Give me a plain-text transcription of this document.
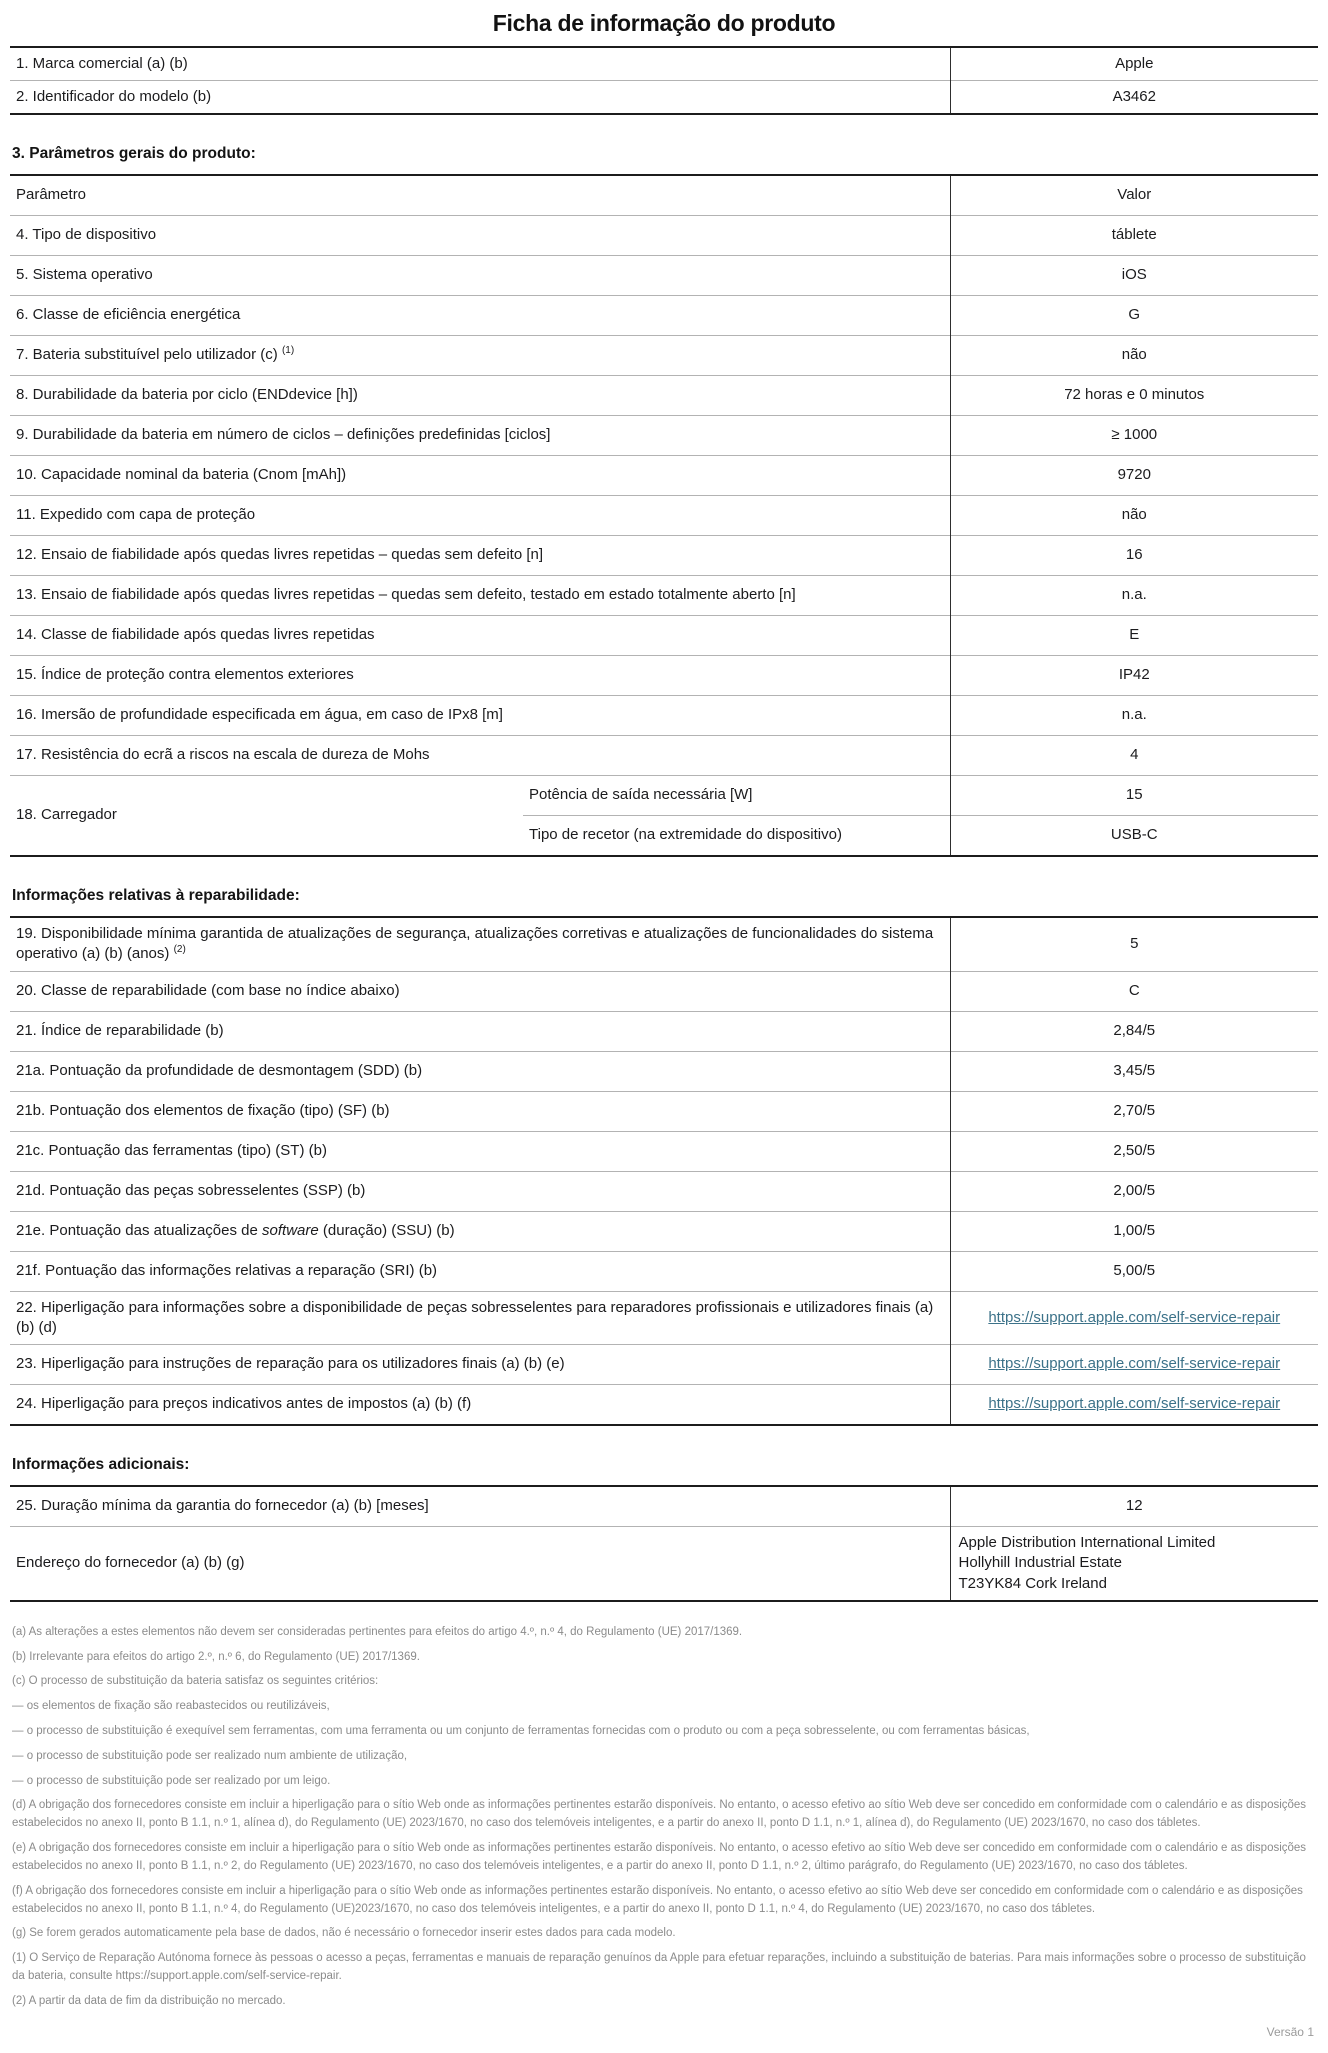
Ficha de informação do produto
1. Marca comercial (a) (b)	Apple
2. Identificador do modelo (b)	A3462
3. Parâmetros gerais do produto:
Parâmetro		Valor
4. Tipo de dispositivo		táblete
5. Sistema operativo		iOS
6. Classe de eficiência energética		G
7. Bateria substituível pelo utilizador (c) $^{(1)}$		não
8. Durabilidade da bateria por ciclo (ENDdevice [h])		72 horas e 0 minutos
9. Durabilidade da bateria em número de ciclos – definições predefinidas [ciclos]		≥ 1000
10. Capacidade nominal da bateria (Cnom [mAh])		9720
11. Expedido com capa de proteção		não
12. Ensaio de fiabilidade após quedas livres repetidas – quedas sem defeito [n]		16
13. Ensaio de fiabilidade após quedas livres repetidas – quedas sem defeito, testado em estado totalmente aberto [n]		n.a.
14. Classe de fiabilidade após quedas livres repetidas		E
15. Índice de proteção contra elementos exteriores		IP42
16. Imersão de profundidade especificada em água, em caso de IPx8 [m]		n.a.
17. Resistência do ecrã a riscos na escala de dureza de Mohs		4
18. Carregador	Potência de saída necessária [W]	15
	Tipo de recetor (na extremidade do dispositivo)	USB-C
Informações relativas à reparabilidade:
19. Disponibilidade mínima garantida de atualizações de segurança, atualizações corretivas e atualizações de funcionalidades do sistema operativo (a) (b) (anos) $^{(2)}$	5
20. Classe de reparabilidade (com base no índice abaixo)	C
21. Índice de reparabilidade (b)	2,84/5
21a. Pontuação da profundidade de desmontagem (SDD) (b)	3,45/5
21b. Pontuação dos elementos de fixação (tipo) (SF) (b)	2,70/5
21c. Pontuação das ferramentas (tipo) (ST) (b)	2,50/5
21d. Pontuação das peças sobresselentes (SSP) (b)	2,00/5
21e. Pontuação das atualizações de software (duração) (SSU) (b)	1,00/5
21f. Pontuação das informações relativas a reparação (SRI) (b)	5,00/5
22. Hiperligação para informações sobre a disponibilidade de peças sobresselentes para reparadores profissionais e utilizadores finais (a) (b) (d)	https://support.apple.com/self-service-repair
23. Hiperligação para instruções de reparação para os utilizadores finais (a) (b) (e)	https://support.apple.com/self-service-repair
24. Hiperligação para preços indicativos antes de impostos (a) (b) (f)	https://support.apple.com/self-service-repair
Informações adicionais:
25. Duração mínima da garantia do fornecedor (a) (b) [meses]	12
Endereço do fornecedor (a) (b) (g)	Apple Distribution International Limited
Hollyhill Industrial Estate
T23YK84 Cork Ireland

(a) As alterações a estes elementos não devem ser consideradas pertinentes para efeitos do artigo 4.º, n.º 4, do Regulamento (UE) 2017/1369.

(b) Irrelevante para efeitos do artigo 2.º, n.º 6, do Regulamento (UE) 2017/1369.

(c) O processo de substituição da bateria satisfaz os seguintes critérios:

— os elementos de fixação são reabastecidos ou reutilizáveis,

— o processo de substituição é exequível sem ferramentas, com uma ferramenta ou um conjunto de ferramentas fornecidas com o produto ou com a peça sobresselente, ou com ferramentas básicas,

— o processo de substituição pode ser realizado num ambiente de utilização,

— o processo de substituição pode ser realizado por um leigo.

(d) A obrigação dos fornecedores consiste em incluir a hiperligação para o sítio Web onde as informações pertinentes estarão disponíveis. No entanto, o acesso efetivo ao sítio Web deve ser concedido em conformidade com o calendário e as disposições estabelecidos no anexo II, ponto B 1.1, n.º 1, alínea d), do Regulamento (UE) 2023/1670, no caso dos telemóveis inteligentes, e a partir do anexo II, ponto D 1.1, n.º 1, alínea d), do Regulamento (UE) 2023/1670, no caso dos tábletes.

(e) A obrigação dos fornecedores consiste em incluir a hiperligação para o sítio Web onde as informações pertinentes estarão disponíveis. No entanto, o acesso efetivo ao sítio Web deve ser concedido em conformidade com o calendário e as disposições estabelecidos no anexo II, ponto B 1.1, n.º 2, do Regulamento (UE) 2023/1670, no caso dos telemóveis inteligentes, e a partir do anexo II, ponto D 1.1, n.º 2, último parágrafo, do Regulamento (UE) 2023/1670, no caso dos tábletes.

(f) A obrigação dos fornecedores consiste em incluir a hiperligação para o sítio Web onde as informações pertinentes estarão disponíveis. No entanto, o acesso efetivo ao sítio Web deve ser concedido em conformidade com o calendário e as disposições estabelecidos no anexo II, ponto B 1.1, n.º 4, do Regulamento (UE)2023/1670, no caso dos telemóveis inteligentes, e a partir do anexo II, ponto D 1.1, n.º 4, do Regulamento (UE) 2023/1670, no caso dos tábletes.

(g) Se forem gerados automaticamente pela base de dados, não é necessário o fornecedor inserir estes dados para cada modelo.

(1) O Serviço de Reparação Autónoma fornece às pessoas o acesso a peças, ferramentas e manuais de reparação genuínos da Apple para efetuar reparações, incluindo a substituição de baterias. Para mais informações sobre o processo de substituição da bateria, consulte https://support.apple.com/self-service-repair.

(2) A partir da data de fim da distribuição no mercado.

Versão 1
